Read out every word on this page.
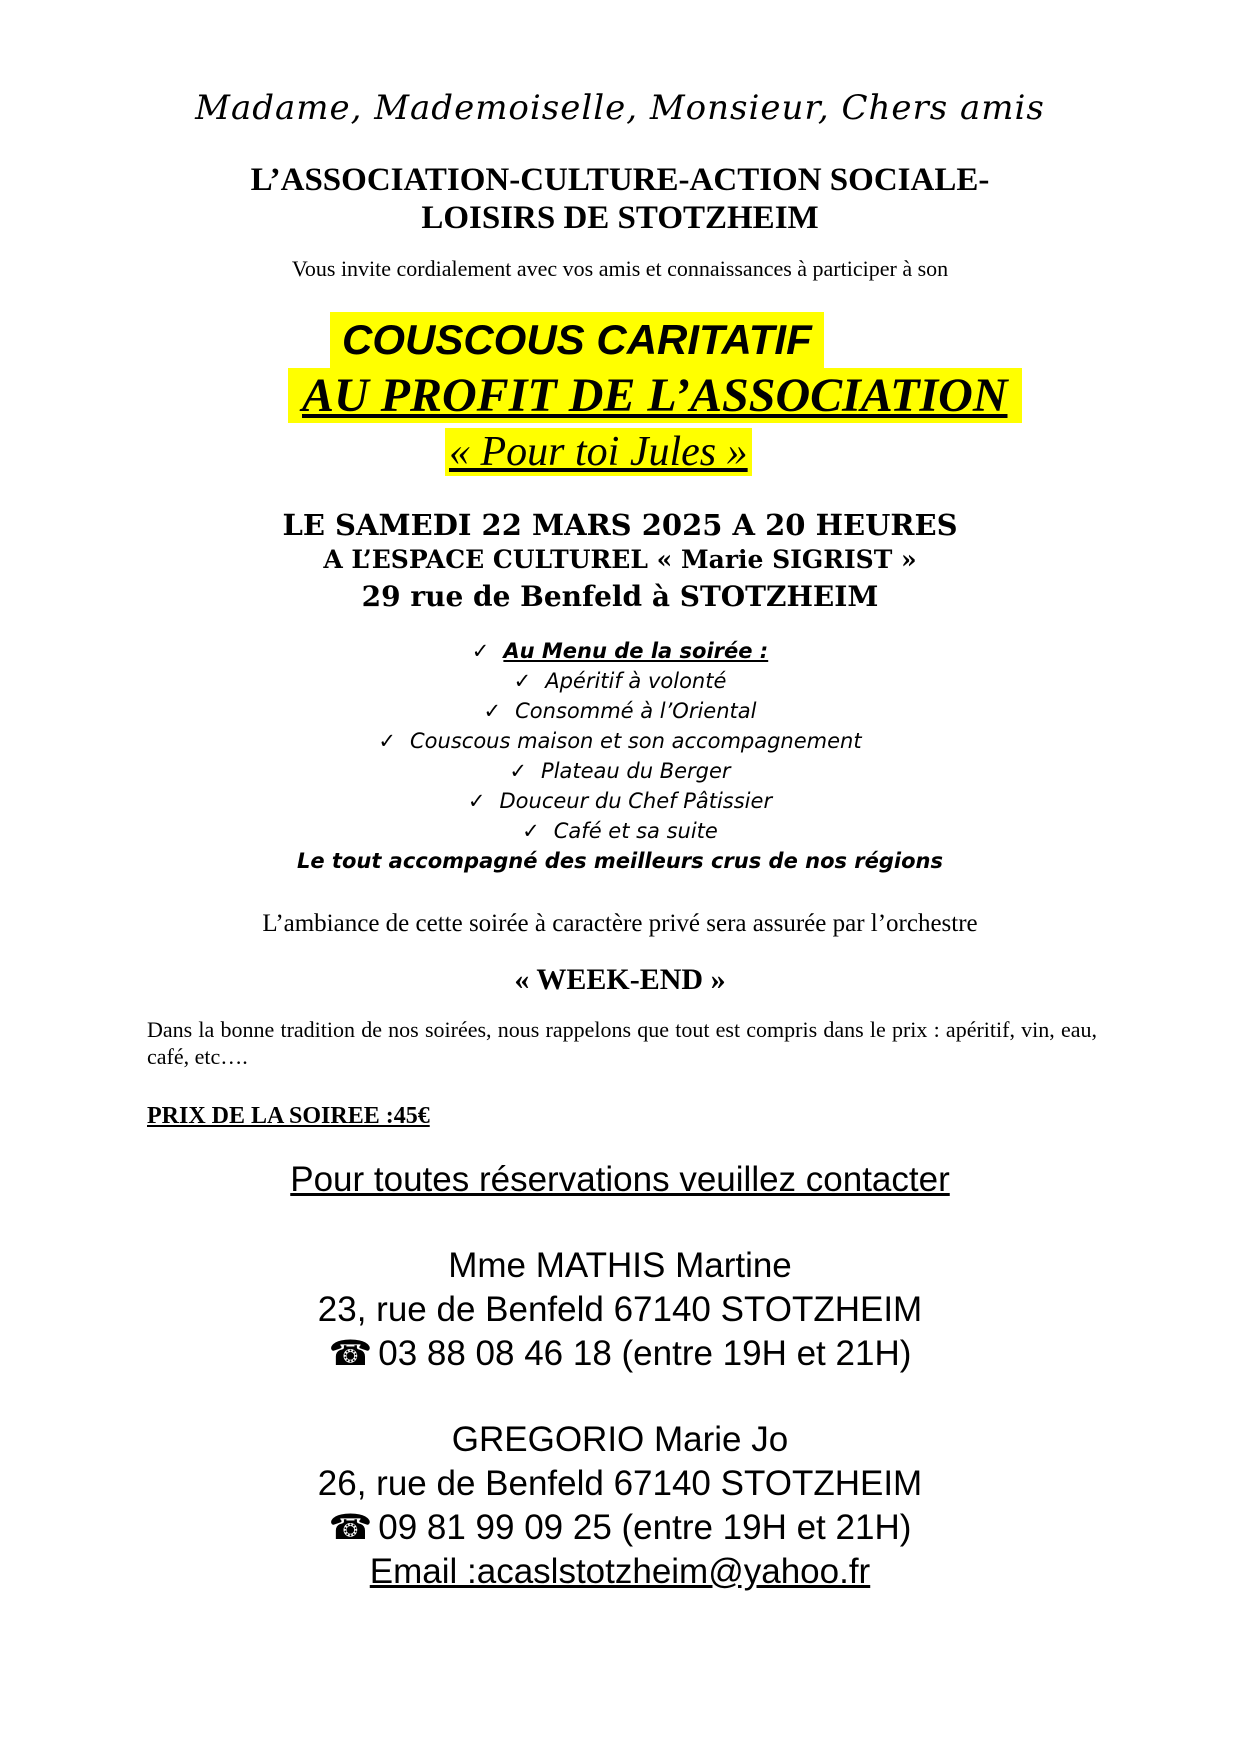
Madame, Mademoiselle, Monsieur, Chers amis
L’ASSOCIATION-CULTURE-ACTION SOCIALE-
LOISIRS DE STOTZHEIM
Vous invite cordialement avec vos amis et connaissances à participer à son
COUSCOUS CARITATIF
AU PROFIT DE L’ASSOCIATION
« Pour toi Jules »
LE SAMEDI 22 MARS 2025 A 20 HEURES
A L’ESPACE CULTUREL « Marie SIGRIST »
29 rue de Benfeld à STOTZHEIM
✓ Au Menu de la soirée :
✓ Apéritif à volonté
✓ Consommé à l’Oriental
✓ Couscous maison et son accompagnement
✓ Plateau du Berger
✓ Douceur du Chef Pâtissier
✓ Café et sa suite
Le tout accompagné des meilleurs crus de nos régions
L’ambiance de cette soirée à caractère privé sera assurée par l’orchestre
« WEEK-END »
Dans la bonne tradition de nos soirées, nous rappelons que tout est compris dans le prix : apéritif, vin, eau, café, etc….
PRIX DE LA SOIREE :45€
Pour toutes réservations veuillez contacter
Mme MATHIS Martine
23, rue de Benfeld 67140 STOTZHEIM
☎ 03 88 08 46 18 (entre 19H et 21H)
GREGORIO Marie Jo
26, rue de Benfeld 67140 STOTZHEIM
☎ 09 81 99 09 25 (entre 19H et 21H)
Email :acaslstotzheim@yahoo.fr
